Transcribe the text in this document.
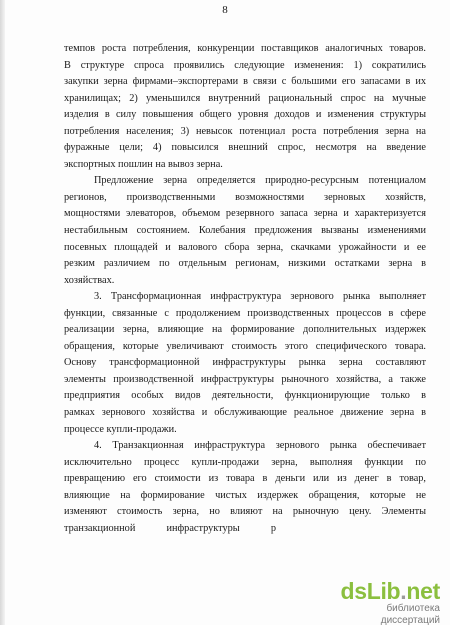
8
темпов роста потребления, конкуренции поставщиков аналогичных товаров.
В структуре спроса проявились следующие изменения: 1) сократились
закупки зерна фирмами–экспортерами в связи с большими его запасами в их
хранилищах; 2) уменьшился внутренний рациональный спрос на мучные
изделия в силу повышения общего уровня доходов и изменения структуры
потребления населения; 3) невысок потенциал роста потребления зерна на
фуражные цели; 4) повысился внешний спрос, несмотря на введение
экспортных пошлин на вывоз зерна.
Предложение зерна определяется природно-ресурсным потенциалом
регионов, производственными возможностями зерновых хозяйств,
мощностями элеваторов, объемом резервного запаса зерна и характеризуется
нестабильным состоянием. Колебания предложения вызваны изменениями
посевных площадей и валового сбора зерна, скачками урожайности и ее
резким различием по отдельным регионам, низкими остатками зерна в
хозяйствах.
3. Трансформационная инфраструктура зернового рынка выполняет
функции, связанные с продолжением производственных процессов в сфере
реализации зерна, влияющие на формирование дополнительных издержек
обращения, которые увеличивают стоимость этого специфического товара.
Основу трансформационной инфраструктуры рынка зерна составляют
элементы производственной инфраструктуры рыночного хозяйства, а также
предприятия особых видов деятельности, функционирующие только в
рамках зернового хозяйства и обслуживающие реальное движение зерна в
процессе купли-продажи.
4. Транзакционная инфраструктура зернового рынка обеспечивает
исключительно процесс купли-продажи зерна, выполняя функции по
превращению его стоимости из товара в деньги или из денег в товар,
влияющие на формирование чистых издержек обращения, которые не
изменяют стоимость зерна, но влияют на рыночную цену. Элементы
транзакционной инфраструктуры р
dsLib.net
библиотека диссертаций
